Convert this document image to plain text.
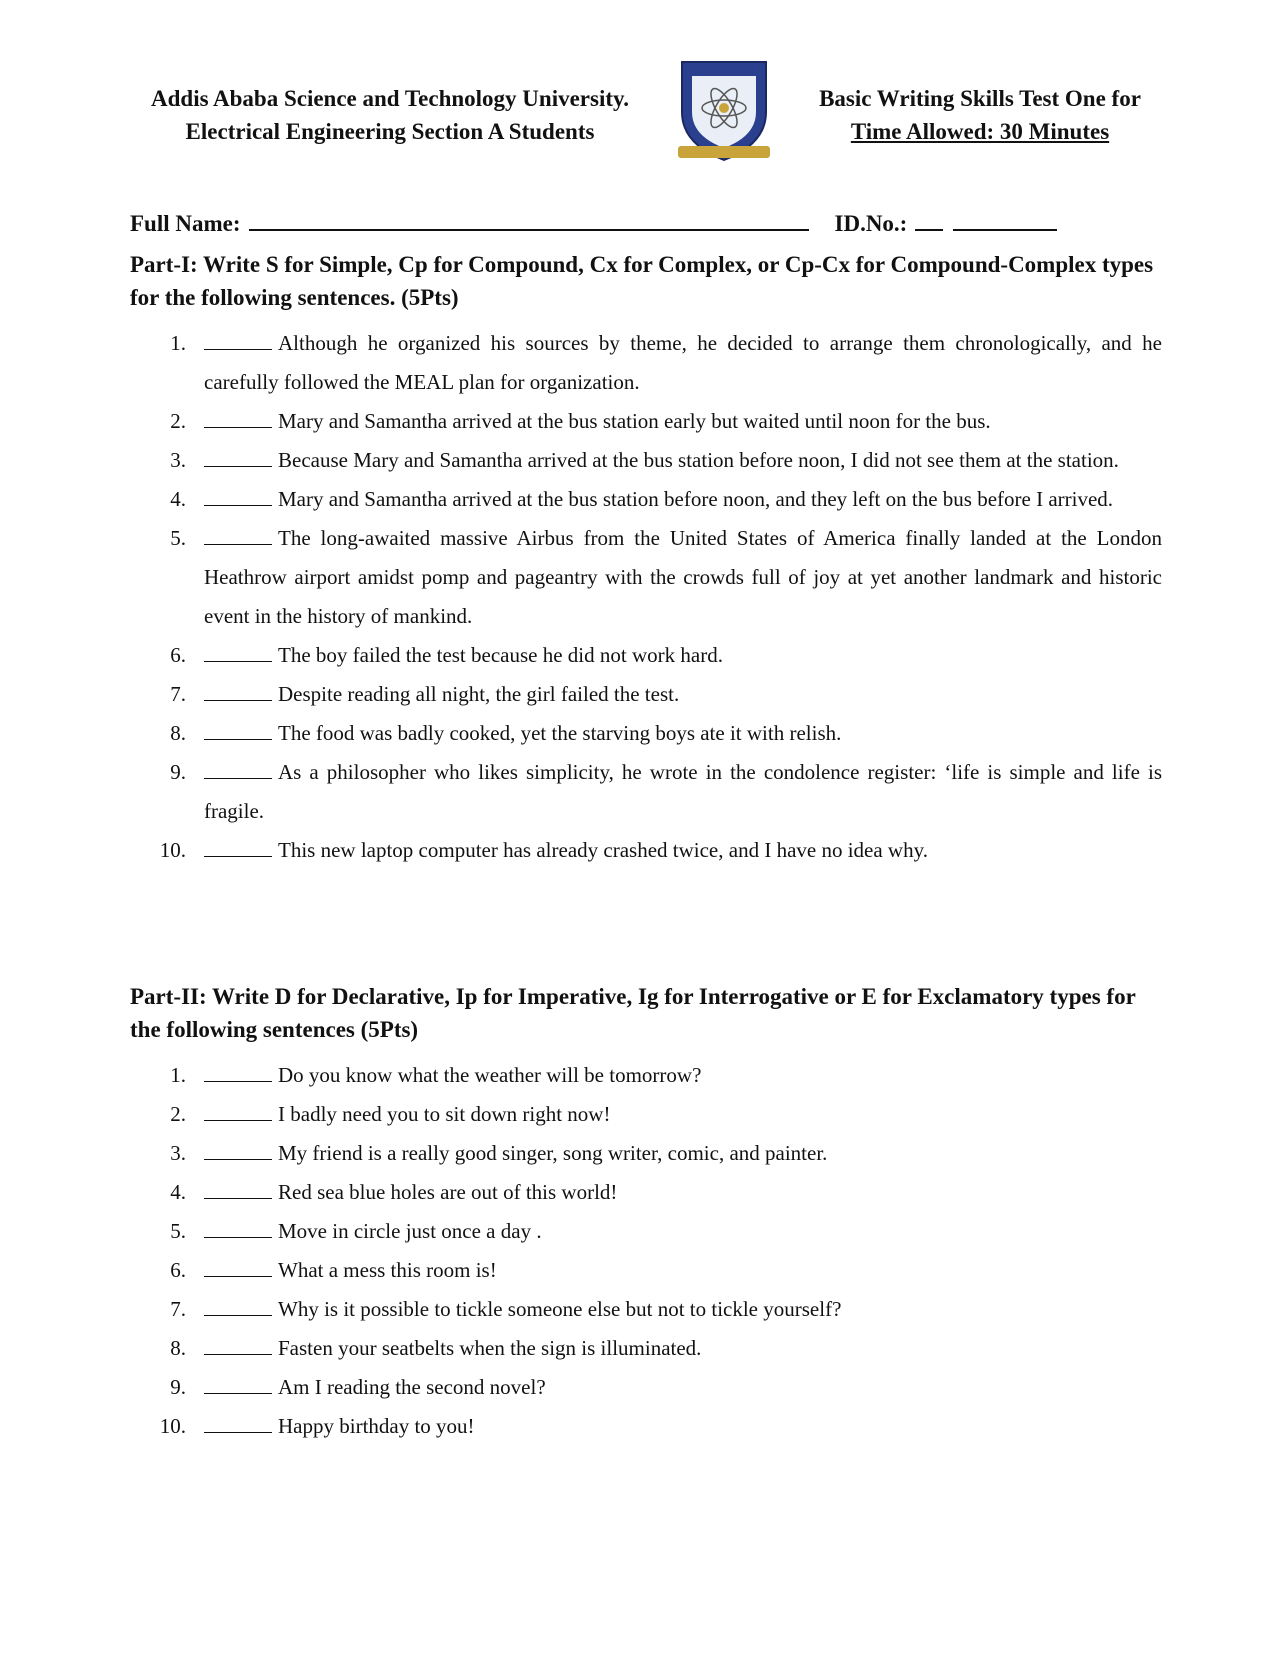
Addis Ababa Science and Technology University.
Electrical Engineering Section A Students
Basic Writing Skills Test One for
Time Allowed: 30 Minutes
Full Name:	ID.No.:
Part-I: Write S for Simple, Cp for Compound, Cx for Complex, or Cp-Cx for Compound-Complex types for the following sentences. (5Pts)
1.	Although he organized his sources by theme, he decided to arrange them chronologically, and he carefully followed the MEAL plan for organization.
2.	Mary and Samantha arrived at the bus station early but waited until noon for the bus.
3.	Because Mary and Samantha arrived at the bus station before noon, I did not see them at the station.
4.	Mary and Samantha arrived at the bus station before noon, and they left on the bus before I arrived.
5.	The long-awaited massive Airbus from the United States of America finally landed at the London Heathrow airport amidst pomp and pageantry with the crowds full of joy at yet another landmark and historic event in the history of mankind.
6.	The boy failed the test because he did not work hard.
7.	Despite reading all night, the girl failed the test.
8.	The food was badly cooked, yet the starving boys ate it with relish.
9.	As a philosopher who likes simplicity, he wrote in the condolence register: ‘life is simple and life is fragile.
10.	This new laptop computer has already crashed twice, and I have no idea why.
Part-II: Write D for Declarative, Ip for Imperative, Ig for Interrogative or E for Exclamatory types for the following sentences (5Pts)
1.	Do you know what the weather will be tomorrow?
2.	I badly need you to sit down right now!
3.	My friend is a really good singer, song writer, comic, and painter.
4.	Red sea blue holes are out of this world!
5.	Move in circle just once a day .
6.	What a mess this room is!
7.	Why is it possible to tickle someone else but not to tickle yourself?
8.	Fasten your seatbelts when the sign is illuminated.
9.	Am I reading the second novel?
10.	Happy birthday to you!
